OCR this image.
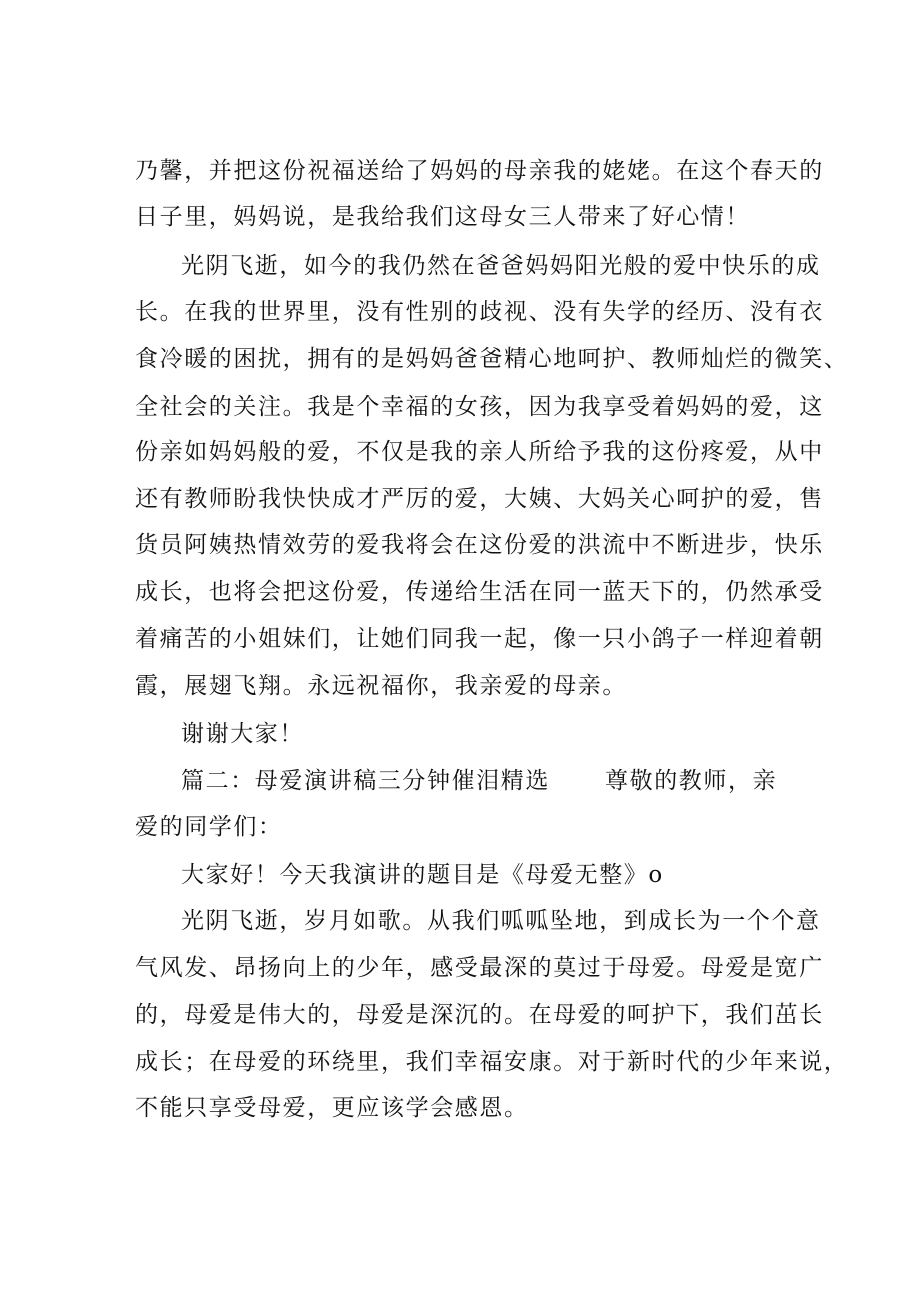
乃馨，并把这份祝福送给了妈妈的母亲我的姥姥。在这个春天的
日子里，妈妈说，是我给我们这母女三人带来了好心情！
光阴飞逝，如今的我仍然在爸爸妈妈阳光般的爱中快乐的成
长。在我的世界里，没有性别的歧视、没有失学的经历、没有衣
食冷暖的困扰，拥有的是妈妈爸爸精心地呵护、教师灿烂的微笑、
全社会的关注。我是个幸福的女孩，因为我享受着妈妈的爱，这
份亲如妈妈般的爱，不仅是我的亲人所给予我的这份疼爱，从中
还有教师盼我快快成才严厉的爱，大姨、大妈关心呵护的爱，售
货员阿姨热情效劳的爱我将会在这份爱的洪流中不断进步，快乐
成长，也将会把这份爱，传递给生活在同一蓝天下的，仍然承受
着痛苦的小姐妹们，让她们同我一起，像一只小鸽子一样迎着朝
霞，展翅飞翔。永远祝福你，我亲爱的母亲。
谢谢大家！
篇二：母爱演讲稿三分钟催泪精选 尊敬的教师，亲
爱的同学们：
大家好！今天我演讲的题目是《母爱无整》o
光阴飞逝，岁月如歌。从我们呱呱坠地，到成长为一个个意
气风发、昂扬向上的少年，感受最深的莫过于母爱。母爱是宽广
的，母爱是伟大的，母爱是深沉的。在母爱的呵护下，我们茁长
成长；在母爱的环绕里，我们幸福安康。对于新时代的少年来说，
不能只享受母爱，更应该学会感恩。
